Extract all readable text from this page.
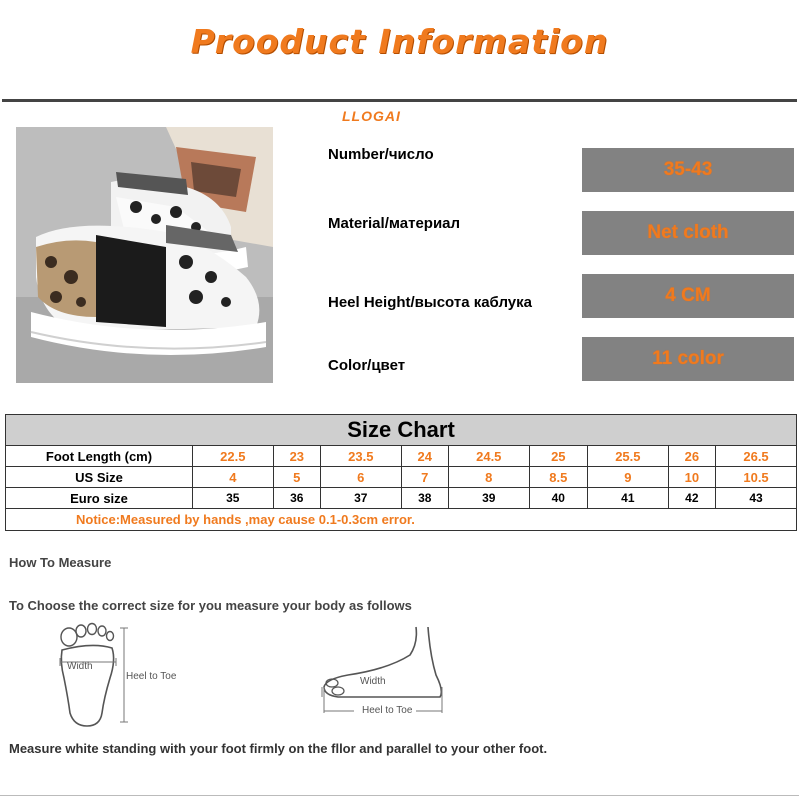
Prooduct Information
LLOGAI
Number/число
35-43
Material/материал	Net cloth
Heel Height/высота каблука	4 CM
Color/цвет	11 color
Size Chart									
Foot Length (cm)	22.5	23	23.5	24	24.5	25	25.5	26	26.5
US Size	4	5	6	7	8	8.5	9	10	10.5
Euro size	35	36	37	38	39	40	41	42	43
Notice:Measured by hands ,may cause 0.1-0.3cm error.									
How To Measure
To Choose the correct size for you measure your body as follows
Width
Heel to Toe	Width
Heel to Toe
Measure white standing with your foot firmly on the fllor and parallel to your other foot.
